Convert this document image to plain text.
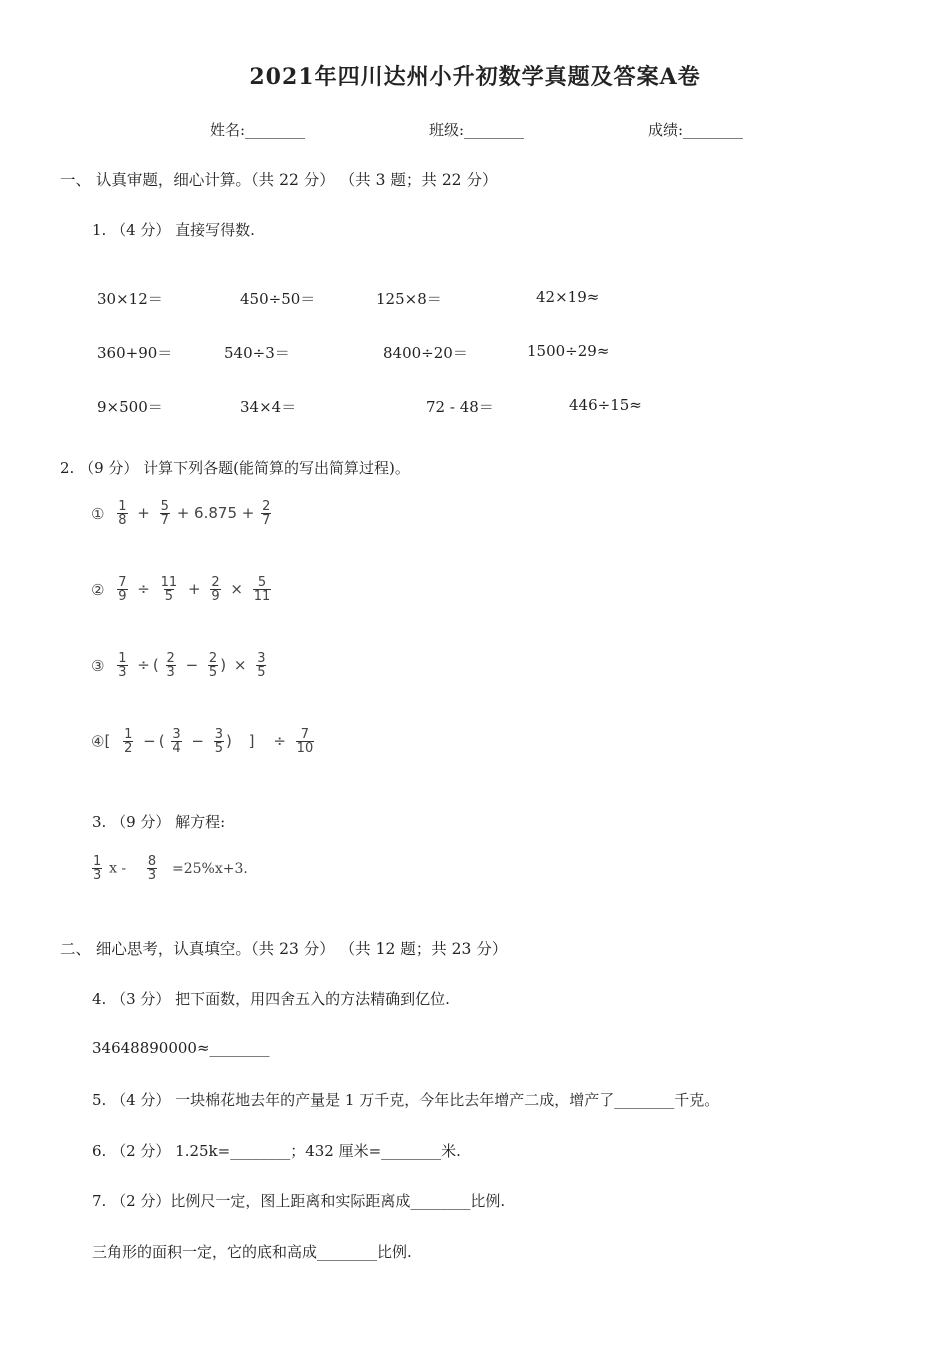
2021年四川达州小升初数学真题及答案A卷
姓名:________	班级:________	成绩:________
一、 认真审题，细心计算。（共 22 分） （共 3 题；共 22 分）
1. （4 分） 直接写得数.
30×12＝	450÷50＝	125×8＝	42×19≈
360+90＝	540÷3＝	8400÷20＝	1500÷29≈
9×500＝	34×4＝	72 - 48＝	446÷15≈
2. （9 分） 计算下列各题(能简算的写出简算过程)。
① $\frac{1}{8} + \frac{5}{7} + 6.875 + \frac{2}{7}$
② $\frac{7}{9} \div \frac{11}{5} + \frac{2}{9} \times \frac{5}{11}$
③ $\frac{1}{3}$ ÷ ( $\frac{2}{3} - \frac{2}{5}$ ) × $\frac{3}{5}$
④[ $\frac{1}{2}$ − ( $\frac{3}{4} - \frac{3}{5}$ ) ] ÷ $\frac{7}{10}$
3. （9 分） 解方程:
$\frac{1}{3}$ $x - \frac{8}{3} =25\%x+3$.
二、 细心思考，认真填空。（共 23 分） （共 12 题；共 23 分）
4. （3 分） 把下面数，用四舍五入的方法精确到亿位.
34648890000≈________
5. （4 分） 一块棉花地去年的产量是 1 万千克，今年比去年增产二成，增产了________千克。
6. （2 分） 1.25k=________；432 厘米=________米.
7. （2 分）比例尺一定，图上距离和实际距离成________比例.
三角形的面积一定，它的底和高成________比例.
